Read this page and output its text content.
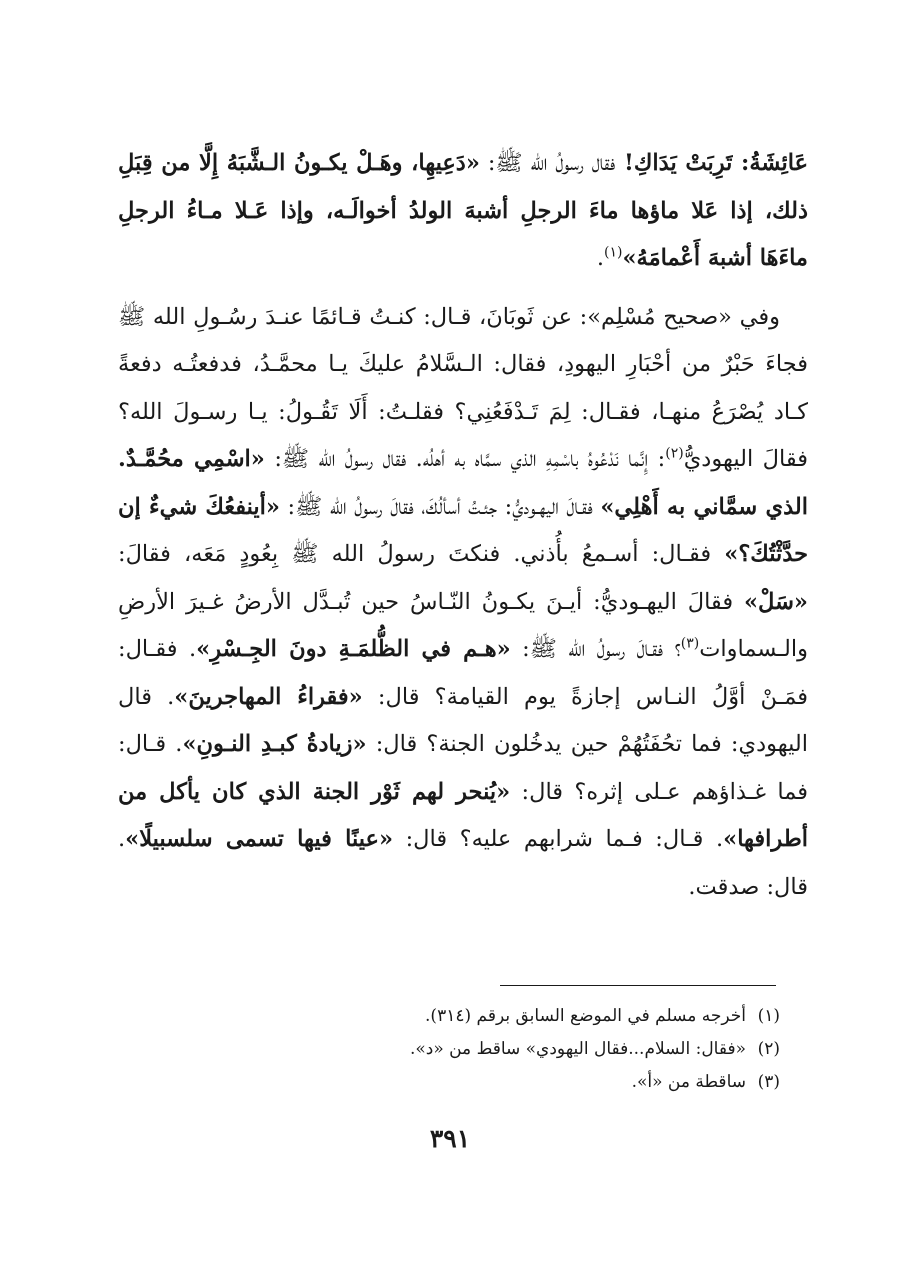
عَائِشَةُ: تَرِبَتْ يَدَاكِ! فقال رسولُ الله ﷺ: «دَعِيهِا، وهَـلْ يكـونُ الـشَّبَهُ إِلَّا من قِبَلِ ذلك، إذا عَلا ماؤها ماءَ الرجلِ أشبهَ الولدُ أخوالَـه، وإذا عَـلا مـاءُ الرجلِ ماءَهَا أشبهَ أَعْمامَهُ»$^{(١)}$.

وفي «صحيح مُسْلِم»: عن ثَوبَانَ، قـال: كنـتُ قـائمًا عنـدَ رسُـولِ الله ﷺ فجاءَ حَبْرٌ من أحْبَارِ اليهودِ، فقال: الـسَّلامُ عليكَ يـا محمَّـدُ، فدفعتُـه دفعةً كـاد يُصْرَعُ منهـا، فقـال: لِمَ تَـدْفَعُنِي؟ فقلـتُ: أَلَا تَقُـولُ: يـا رسـولَ الله؟فقالَ اليهوديُّ$^{(٢)}$: إِنَّما نَدْعُوهُ باسْمِهِ الذي سمَّاه به أهلُه. فقال رسولُ الله ﷺ: «اسْمِي محُمَّـدٌ. الذي سمَّاني به أَهْلِي» فقـالَ اليهـوديُّ: جئـتُ أسألُكَ، فقالَ رسولُ الله ﷺ: «أينفعُكَ شيءٌ إن حدَّثْتُكَ؟» فقـال: أسـمعُ بأُذني. فنكتَ رسولُ الله ﷺ بِعُودٍ مَعَه، فقالَ: «سَلْ» فقالَ اليهـوديُّ: أيـنَ يكـونُ النّـاسُ حين تُبـدَّل الأرضُ غـيرَ الأرضِ والـسماوات$^{(٣)}$؟ فقـالَ رسولُ الله ﷺ: «هـم في الظُّلمَـةِ دونَ الجِـسْرِ». فقـال: فمَـنْ أوَّلُ النـاس إجازةً يوم القيامة؟ قال: «فقراءُ المهاجرينَ». قال اليهودي: فما تحُفَتُهُمْ حين يدخُلون الجنة؟ قال: «زيادةُ كبـدِ النـونِ». قـال: فما غـذاؤهم عـلى إثره؟ قال: «يُنحر لهم ثَوْر الجنة الذي كان يأكل من أطرافها». قـال: فـما شرابهم عليه؟ قال: «عينًا فيها تسمى سلسبيلًا». قال: صدقت.

(١)أخرجه مسلم في الموضع السابق برقم (٣١٤).
(٢)«فقال: السلام...فقال اليهودي» ساقط من «د».
(٣)ساقطة من «أ».
٣٩١
